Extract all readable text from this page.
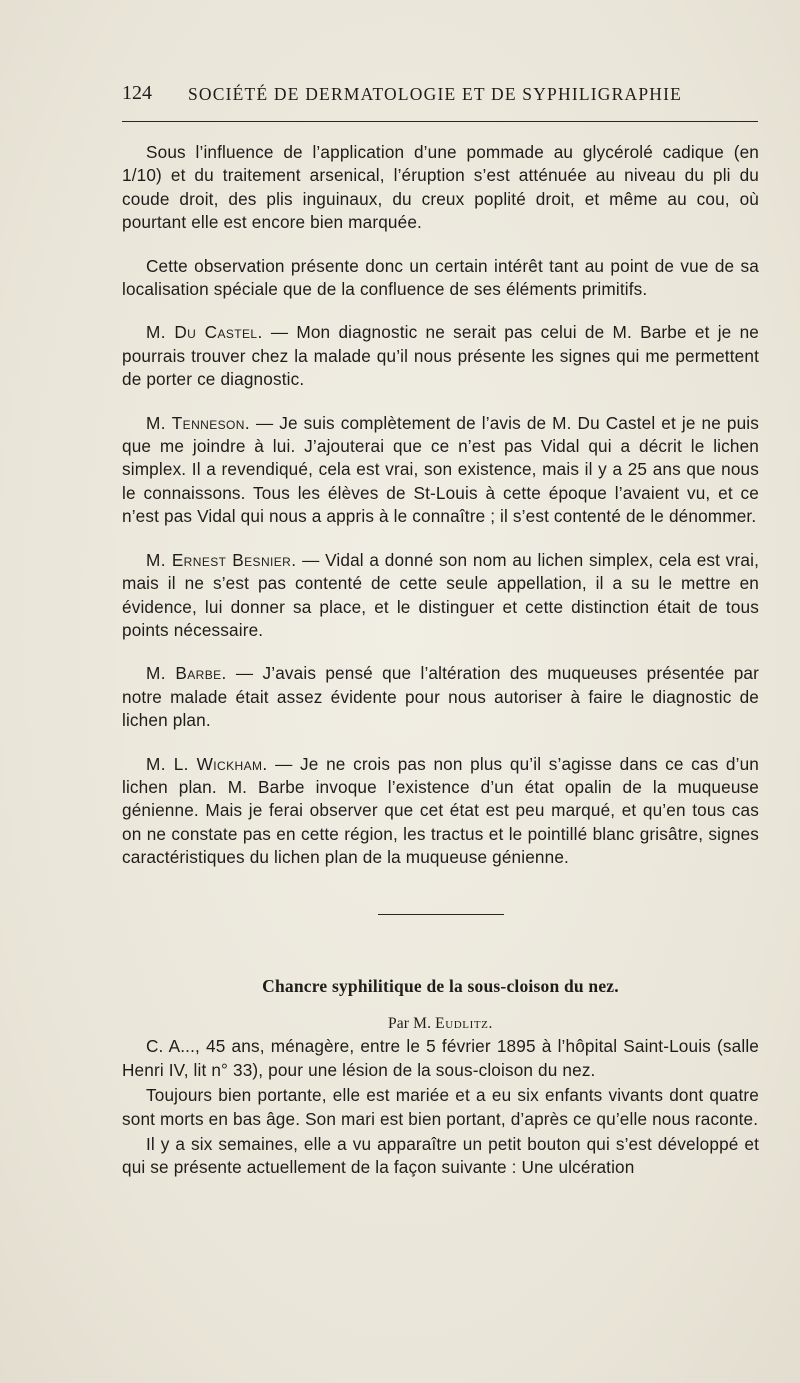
124 SOCIÉTÉ DE DERMATOLOGIE ET DE SYPHILIGRAPHIE

Sous l’influence de l’application d’une pommade au glycérolé cadique (en 1/10) et du traitement arsenical, l’éruption s’est atténuée au niveau du pli du coude droit, des plis inguinaux, du creux poplité droit, et même au cou, où pourtant elle est encore bien marquée.

Cette observation présente donc un certain intérêt tant au point de vue de sa localisation spéciale que de la confluence de ses éléments primitifs.

M. Du Castel. — Mon diagnostic ne serait pas celui de M. Barbe et je ne pourrais trouver chez la malade qu’il nous présente les signes qui me permettent de porter ce diagnostic.

M. Tenneson. — Je suis complètement de l’avis de M. Du Castel et je ne puis que me joindre à lui. J’ajouterai que ce n’est pas Vidal qui a décrit le lichen simplex. Il a revendiqué, cela est vrai, son existence, mais il y a 25 ans que nous le connaissons. Tous les élèves de St-Louis à cette époque l’avaient vu, et ce n’est pas Vidal qui nous a appris à le connaître ; il s’est contenté de le dénommer.

M. Ernest Besnier. — Vidal a donné son nom au lichen simplex, cela est vrai, mais il ne s’est pas contenté de cette seule appellation, il a su le mettre en évidence, lui donner sa place, et le distinguer et cette distinction était de tous points nécessaire.

M. Barbe. — J’avais pensé que l’altération des muqueuses présentée par notre malade était assez évidente pour nous autoriser à faire le diagnostic de lichen plan.

M. L. Wickham. — Je ne crois pas non plus qu’il s’agisse dans ce cas d’un lichen plan. M. Barbe invoque l’existence d’un état opalin de la muqueuse génienne. Mais je ferai observer que cet état est peu marqué, et qu’en tous cas on ne constate pas en cette région, les tractus et le pointillé blanc grisâtre, signes caractéristiques du lichen plan de la muqueuse génienne.

Chancre syphilitique de la sous-cloison du nez.
Par M. Eudlitz.

C. A..., 45 ans, ménagère, entre le 5 février 1895 à l’hôpital Saint-Louis (salle Henri IV, lit n° 33), pour une lésion de la sous-cloison du nez.

Toujours bien portante, elle est mariée et a eu six enfants vivants dont quatre sont morts en bas âge. Son mari est bien portant, d’après ce qu’elle nous raconte.

Il y a six semaines, elle a vu apparaître un petit bouton qui s’est développé et qui se présente actuellement de la façon suivante : Une ulcération
